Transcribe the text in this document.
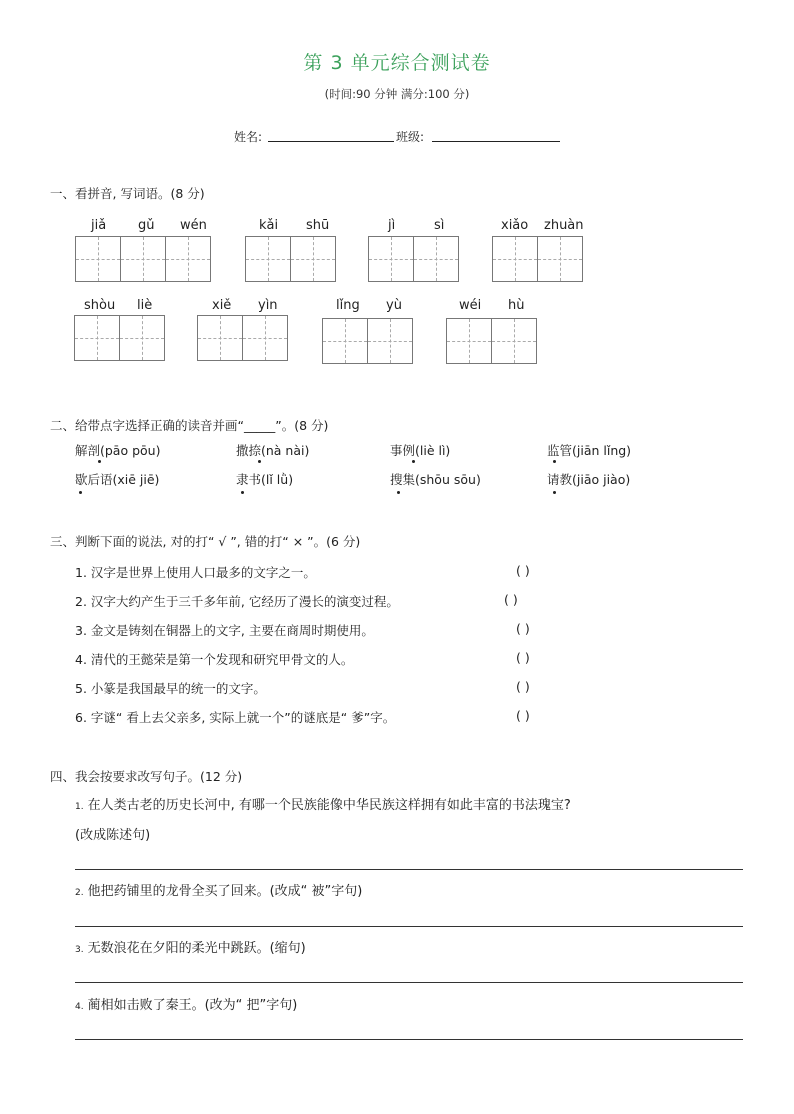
第 3 单元综合测试卷
(时间:90 分钟 满分:100 分)
姓名:	班级:
一、看拼音, 写词语。(8 分)
jiǎ gǔ wén	kǎi shū	jì	sì	xiǎo zhuàn
shòu liè	xiě yìn	lǐng yù	wéi hù
二、给带点字选择正确的读音并画“_____”。(8 分)
解剖(pāo pōu)	撒捺(nà nài)	事例(liè lì)	监管(jiān lǐng)
歇后语(xiē jiē)	隶书(lǐ lǜ)	搜集(shōu sōu)	请教(jiāo jiào)
三、判断下面的说法, 对的打“ √ ”, 错的打“ × ”。(6 分)
1. 汉字是世界上使用人口最多的文字之一。	( )
2. 汉字大约产生于三千多年前, 它经历了漫长的演变过程。	( )
3. 金文是铸刻在铜器上的文字, 主要在商周时期使用。	( )
4. 清代的王懿荣是第一个发现和研究甲骨文的人。	( )
5. 小篆是我国最早的统一的文字。	( )
6. 字谜“ 看上去父亲多, 实际上就一个”的谜底是“ 爹”字。	( )
四、我会按要求改写句子。(12 分)
1. 在人类古老的历史长河中, 有哪一个民族能像中华民族这样拥有如此丰富的书法瑰宝?
(改成陈述句)
2. 他把药铺里的龙骨全买了回来。(改成“ 被”字句)
3. 无数浪花在夕阳的柔光中跳跃。(缩句)
4. 蔺相如击败了秦王。(改为“ 把”字句)
